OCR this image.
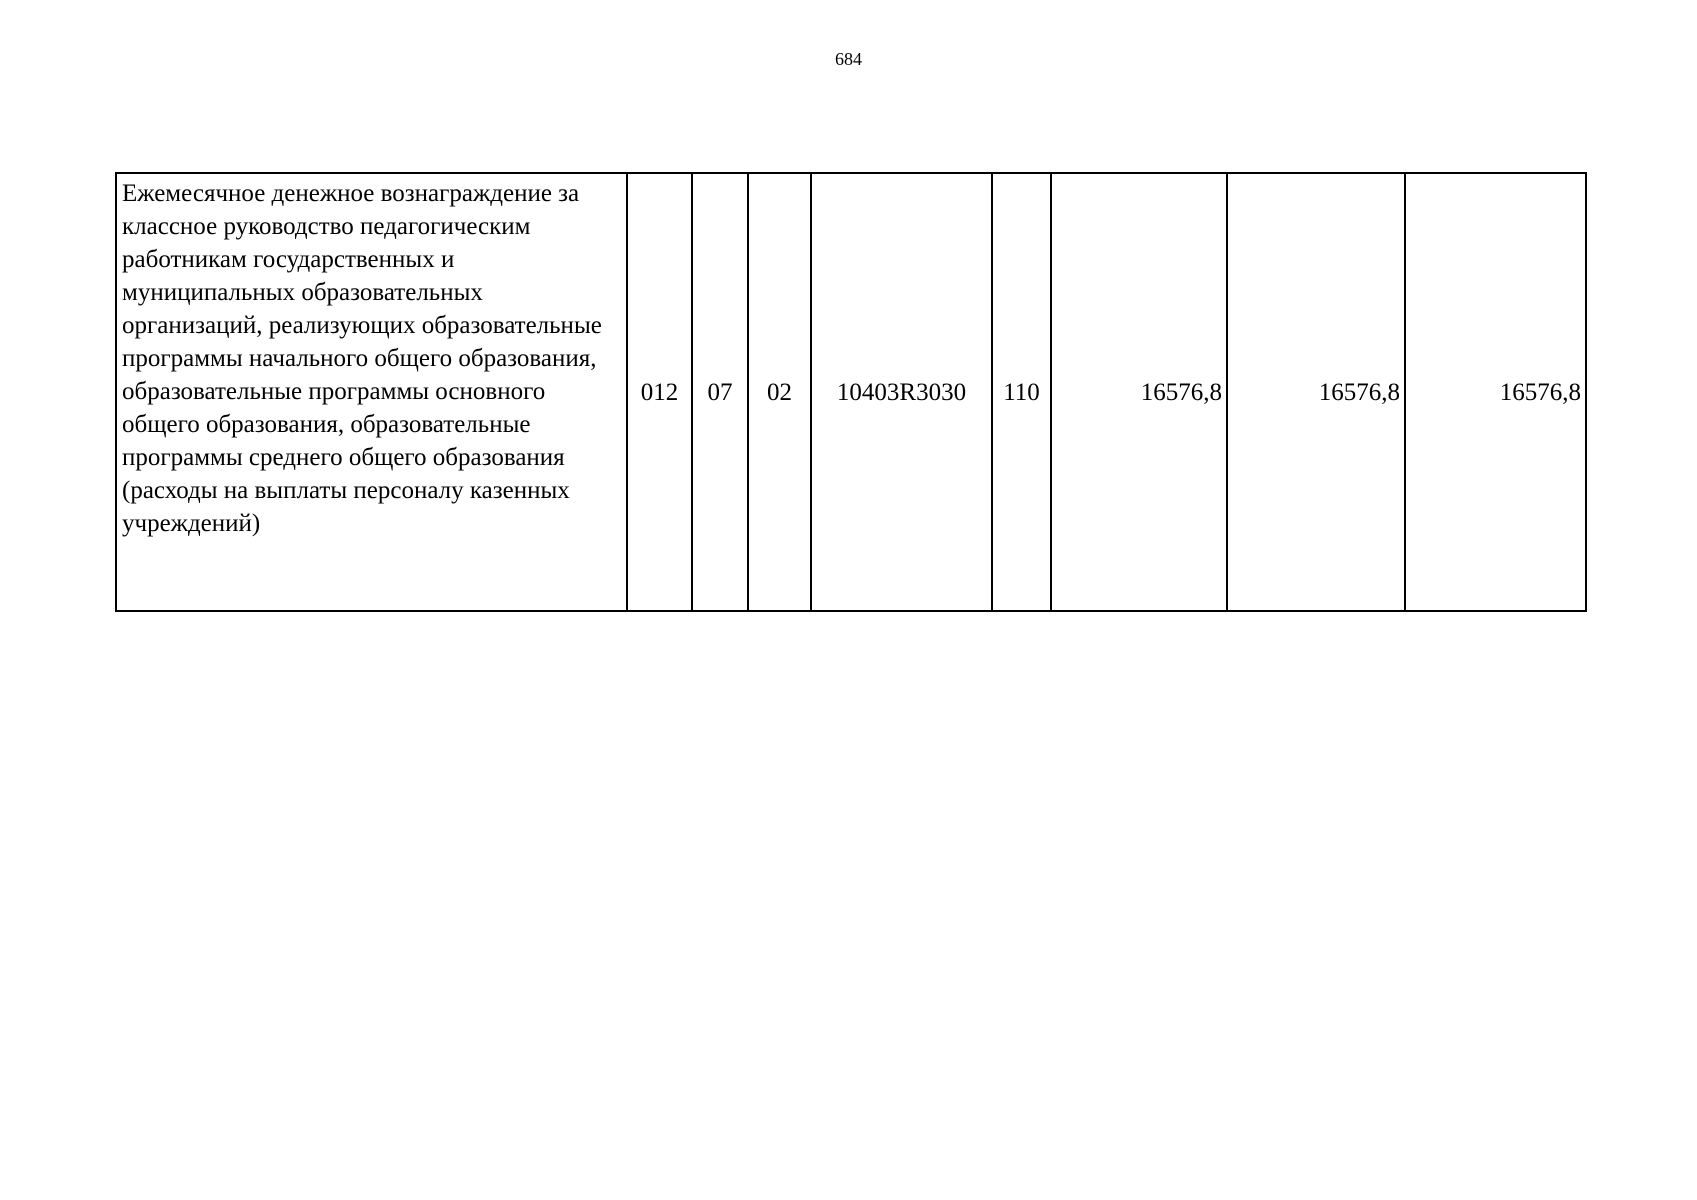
684
Ежемесячное денежное вознаграждение за классное руководство педагогическим работникам государственных и муниципальных образовательных организаций, реализующих образовательные программы начального общего образования, образовательные программы основного общего образования, образовательные программы среднего общего образования (расходы на выплаты персоналу казенных учреждений)	012	07	02	10403R3030	110	16576,8	16576,8	16576,8
